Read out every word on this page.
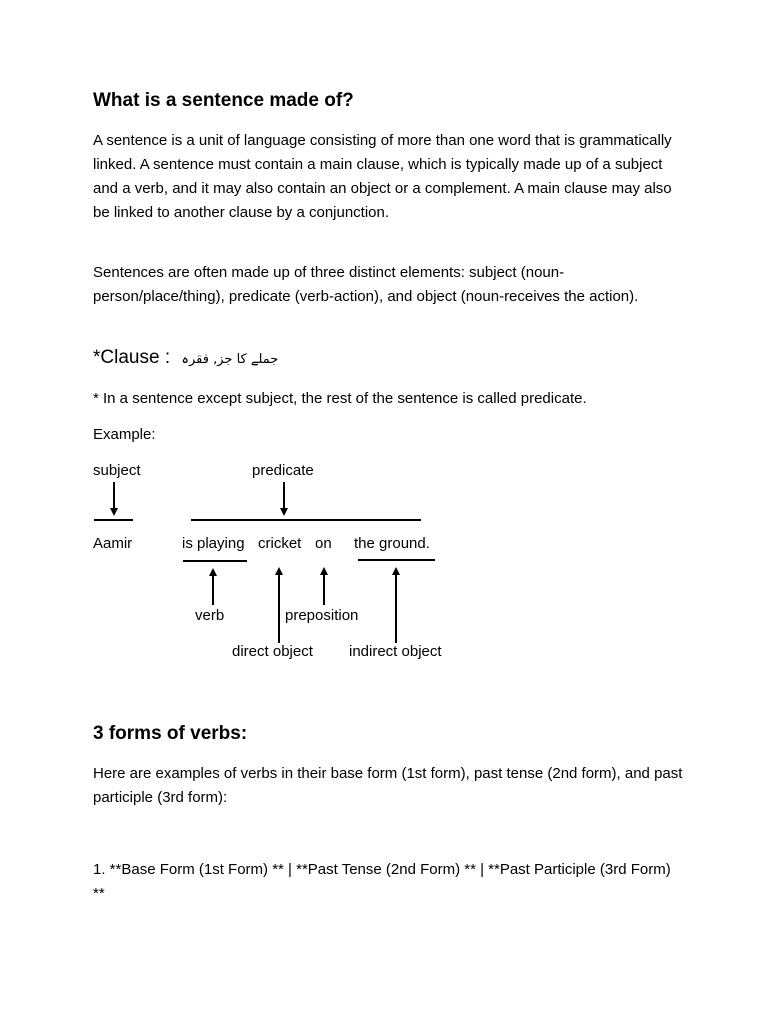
What is a sentence made of?
A sentence is a unit of language consisting of more than one word that is grammatically linked. A sentence must contain a main clause, which is typically made up of a subject and a verb, and it may also contain an object or a complement. A main clause may also be linked to another clause by a conjunction.
Sentences are often made up of three distinct elements: subject (noun-person/place/thing), predicate (verb-action), and object (noun-receives the action).
*Clause : جملے کا جز, فقرہ
* In a sentence except subject, the rest of the sentence is called predicate.
Example:
subject	predicate
Aamir	is playing cricket on the ground.
verb	preposition
direct object indirect object
3 forms of verbs:
Here are examples of verbs in their base form (1st form), past tense (2nd form), and past participle (3rd form):
1. **Base Form (1st Form) ** | **Past Tense (2nd Form) ** | **Past Participle (3rd Form) **
